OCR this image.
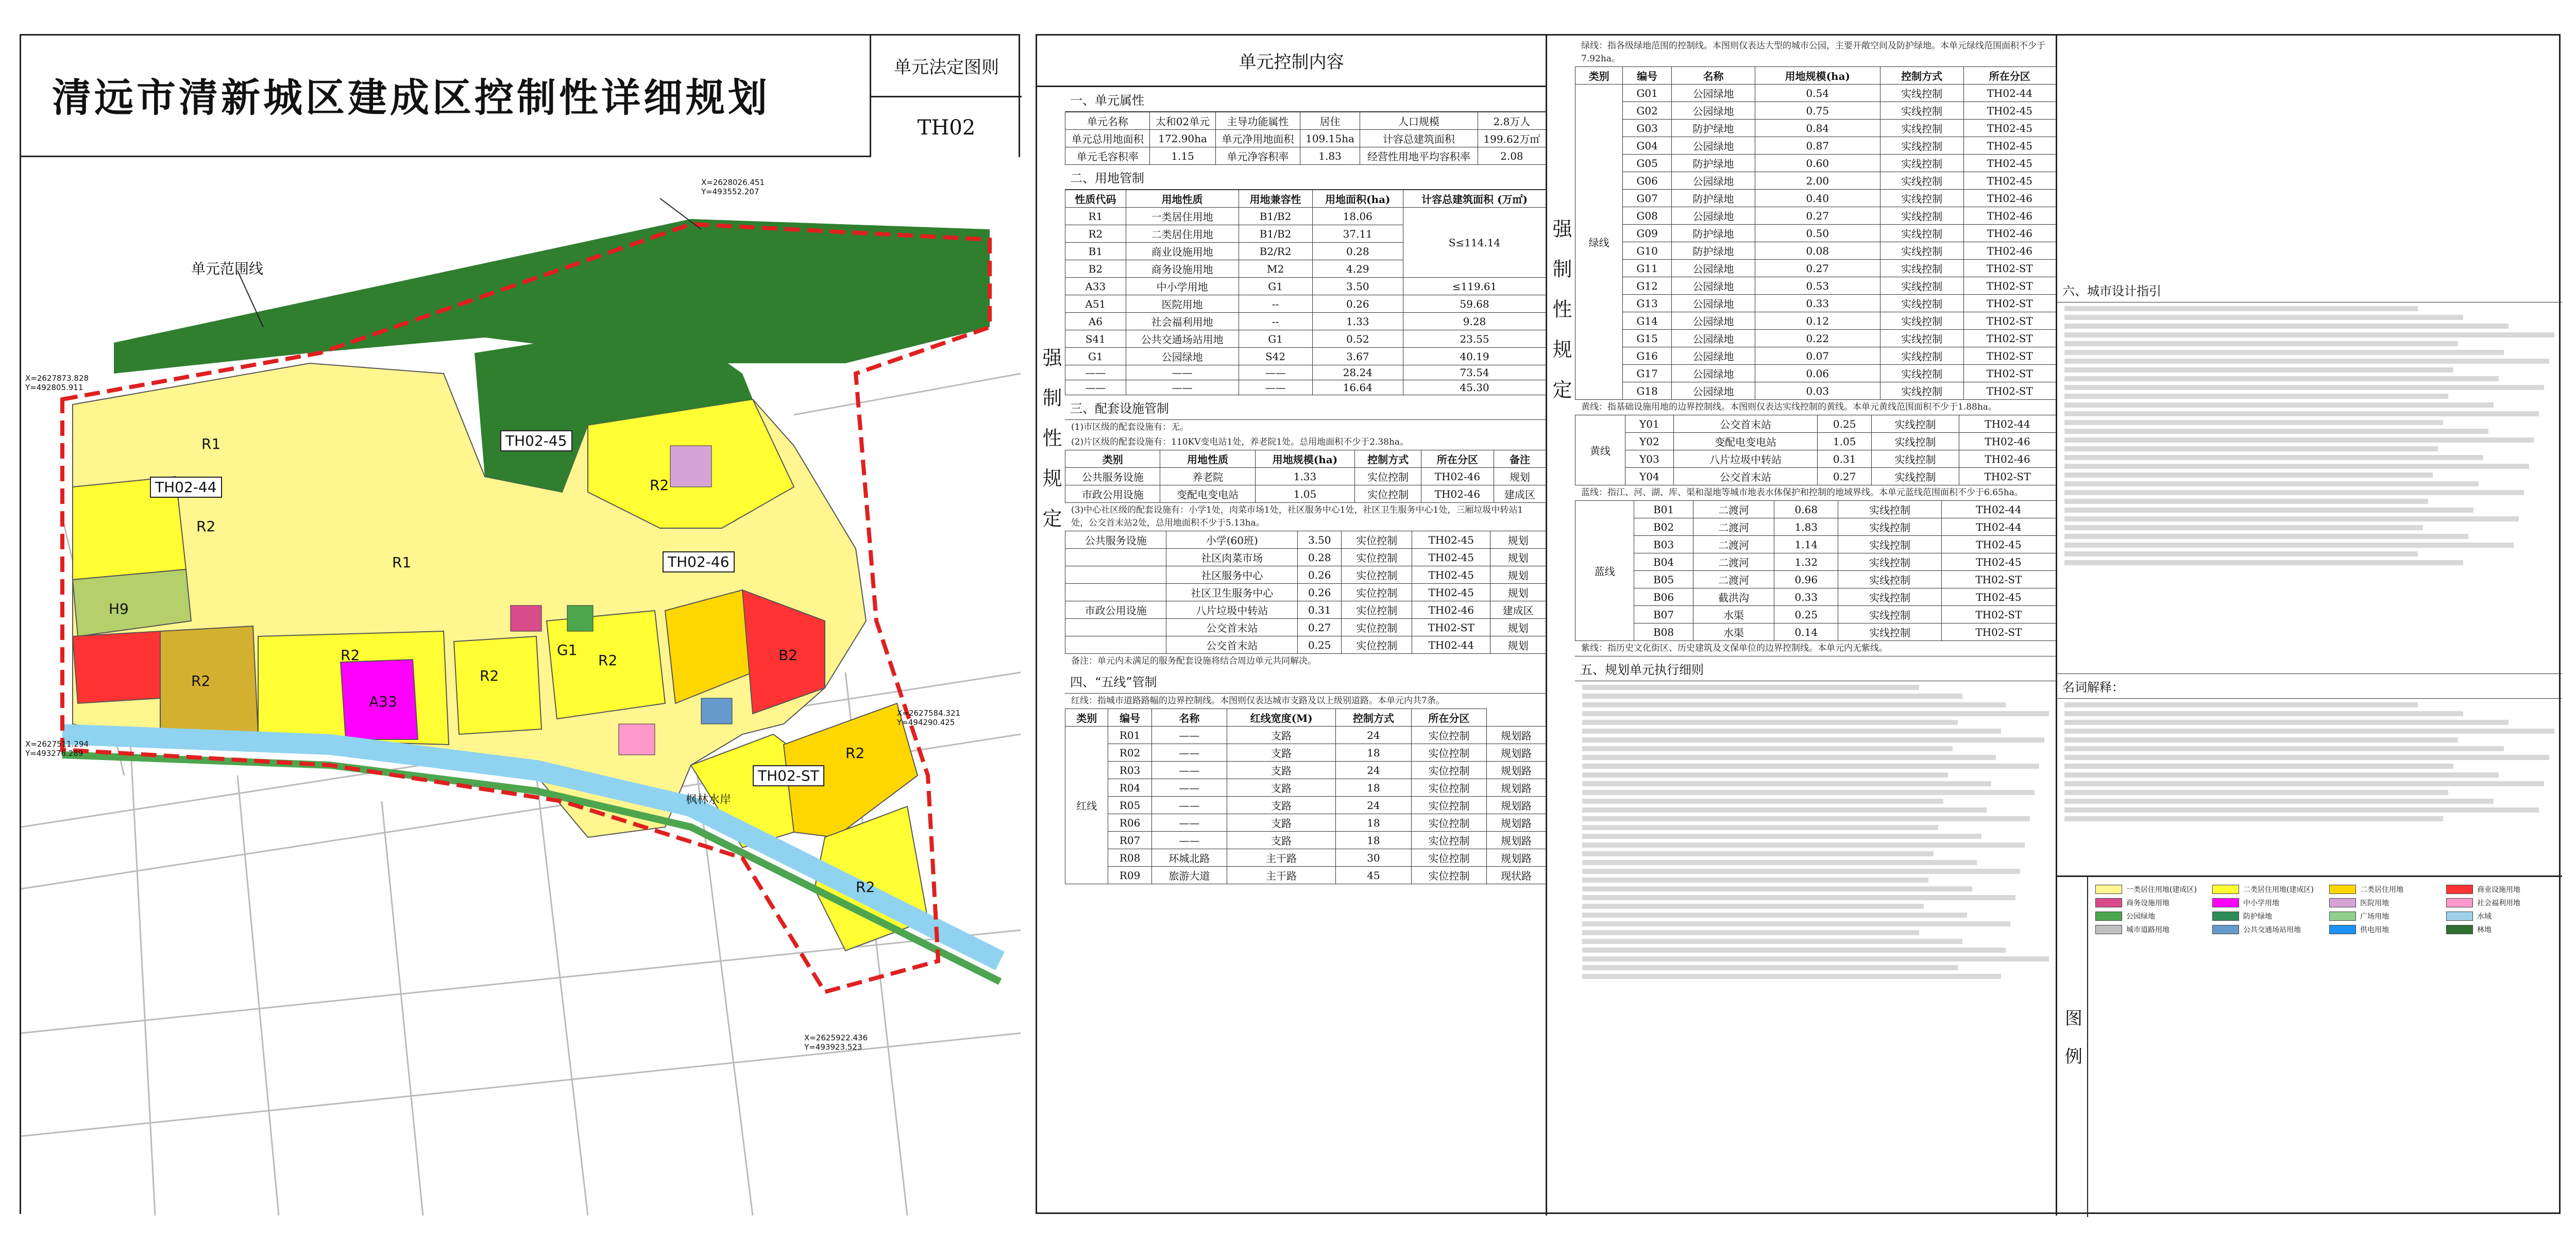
清远市清新城区建成区控制性详细规划
单元法定图则
TH02
单元范围线
TH02-44
TH02-45
TH02-46
TH02-ST
R1
R2
H9
A33
G1
R2
R2
R2
R2
R2
R1
B2
R2
R2
枫林水岸
X=2627873.828 Y=492805.911
X=2628026.451 Y=493552.207
X=2627511.294 Y=493276.289
X=2627584.321 Y=494290.425
X=2625922.436 Y=493923.523
单元控制内容
强制性规定
一、单元属性
单元名称	太和02单元	主导功能属性	居住	人口规模	2.8万人
单元总用地面积	172.90ha	单元净用地面积	109.15ha	计容总建筑面积	199.62万㎡
单元毛容积率	1.15	单元净容积率	1.83	经营性用地平均容积率	2.08
二、用地管制
性质代码	用地性质	用地兼容性	用地面积(ha)	计容总建筑面积 (万㎡)
R1	一类居住用地	B1/B2	18.06	S≤114.14
R2	二类居住用地	B1/B2	37.11	
B1	商业设施用地	B2/R2	0.28	
B2	商务设施用地	M2	4.29	
A33	中小学用地	G1	3.50	≤119.61
A51	医院用地	--	0.26	59.68
A6	社会福利用地	--	1.33	9.28
S41	公共交通场站用地	G1	0.52	23.55
G1	公园绿地	S42	3.67	40.19
——	——	——	28.24	73.54
——	——	——	16.64	45.30
三、配套设施管制
(1)市区级的配套设施有：无。
(2)片区级的配套设施有：110KV变电站1处，养老院1处。总用地面积不少于2.38ha。
类别	用地性质	用地规模(ha)	控制方式	所在分区	备注
公共服务设施	养老院	1.33	实位控制	TH02-46	规划
市政公用设施	变配电变电站	1.05	实位控制	TH02-46	建成区
(3)中心社区级的配套设施有：小学1处，肉菜市场1处，社区服务中心1处，社区卫生服务中心1处，三厢垃圾中转站1处，公交首末站2处，总用地面积不少于5.13ha。
公共服务设施	小学(60班)	3.50	实位控制	TH02-45	规划
	社区肉菜市场	0.28	实位控制	TH02-45	规划
	社区服务中心	0.26	实位控制	TH02-45	规划
	社区卫生服务中心	0.26	实位控制	TH02-45	规划
市政公用设施	八片垃圾中转站	0.31	实位控制	TH02-46	建成区
	公交首末站	0.27	实位控制	TH02-ST	规划
	公交首末站	0.25	实位控制	TH02-44	规划
备注：单元内未满足的服务配套设施将结合周边单元共同解决。
四、“五线”管制
红线：指城市道路路幅的边界控制线。本图则仅表达城市支路及以上级别道路。本单元内共7条。
类别	编号	名称	红线宽度(M)	控制方式	所在分区	
红线	R01	——	支路	24	实位控制	规划路
	R02	——	支路	18	实位控制	规划路
	R03	——	支路	24	实位控制	规划路
	R04	——	支路	18	实位控制	规划路
	R05	——	支路	24	实位控制	规划路
	R06	——	支路	18	实位控制	规划路
	R07	——	支路	18	实位控制	规划路
	R08	环城北路	主干路	30	实位控制	规划路
	R09	旅游大道	主干路	45	实位控制	现状路
强制性规定
绿线：指各级绿地范围的控制线。本图则仅表达大型的城市公园，主要开敞空间及防护绿地。本单元绿线范围面积不少于7.92ha。
类别	编号	名称	用地规模(ha)	控制方式	所在分区
绿线	G01	公园绿地	0.54	实线控制	TH02-44
	G02	公园绿地	0.75	实线控制	TH02-45
	G03	防护绿地	0.84	实线控制	TH02-45
	G04	公园绿地	0.87	实线控制	TH02-45
	G05	防护绿地	0.60	实线控制	TH02-45
	G06	公园绿地	2.00	实线控制	TH02-45
	G07	防护绿地	0.40	实线控制	TH02-46
	G08	公园绿地	0.27	实线控制	TH02-46
	G09	防护绿地	0.50	实线控制	TH02-46
	G10	防护绿地	0.08	实线控制	TH02-46
	G11	公园绿地	0.27	实线控制	TH02-ST
	G12	公园绿地	0.53	实线控制	TH02-ST
	G13	公园绿地	0.33	实线控制	TH02-ST
	G14	公园绿地	0.12	实线控制	TH02-ST
	G15	公园绿地	0.22	实线控制	TH02-ST
	G16	公园绿地	0.07	实线控制	TH02-ST
	G17	公园绿地	0.06	实线控制	TH02-ST
	G18	公园绿地	0.03	实线控制	TH02-ST
黄线：指基础设施用地的边界控制线。本图则仅表达实线控制的黄线。本单元黄线范围面积不少于1.88ha。
黄线	Y01	公交首末站	0.25	实线控制	TH02-44
	Y02	变配电变电站	1.05	实线控制	TH02-46
	Y03	八片垃圾中转站	0.31	实线控制	TH02-46
	Y04	公交首末站	0.27	实线控制	TH02-ST
蓝线：指江、河、湖、库、渠和湿地等城市地表水体保护和控制的地域界线。本单元蓝线范围面积不少于6.65ha。
蓝线	B01	二渡河	0.68	实线控制	TH02-44
	B02	二渡河	1.83	实线控制	TH02-44
	B03	二渡河	1.14	实线控制	TH02-45
	B04	二渡河	1.32	实线控制	TH02-45
	B05	二渡河	0.96	实线控制	TH02-ST
	B06	截洪沟	0.33	实线控制	TH02-45
	B07	水渠	0.25	实线控制	TH02-ST
	B08	水渠	0.14	实线控制	TH02-ST
紫线：指历史文化街区、历史建筑及文保单位的边界控制线。本单元内无紫线。
五、规划单元执行细则
六、城市设计指引
名词解释：
图例
一类居住用地(建成区)	二类居住用地(建成区)	二类居住用地	商业设施用地
商务设施用地	中小学用地	医院用地	社会福利用地
公园绿地	防护绿地	广场用地	水域
城市道路用地	公共交通场站用地	供电用地	林地
